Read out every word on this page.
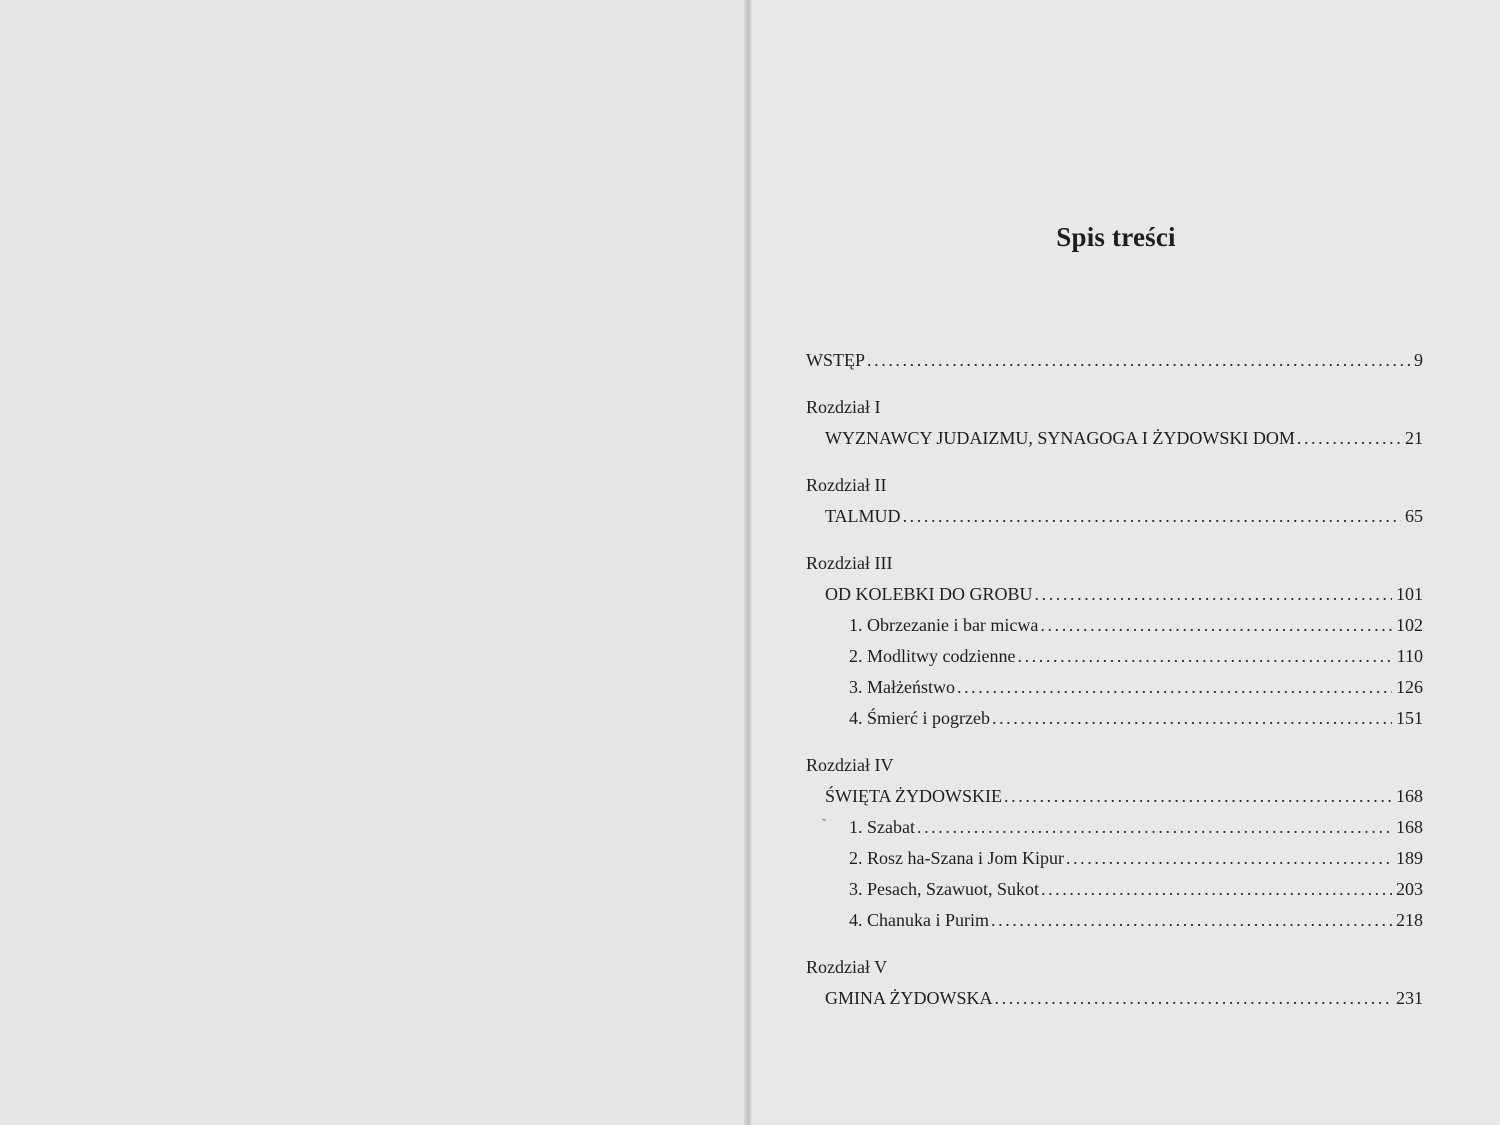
Spis treści
WSTĘP .....	9
Rozdział I
WYZNAWCY JUDAIZMU, SYNAGOGA I ŻYDOWSKI DOM .....	21
Rozdział II
TALMUD .....	65
Rozdział III
OD KOLEBKI DO GROBU .....	101
1. Obrzezanie i bar micwa .....	102
2. Modlitwy codzienne .....	110
3. Małżeństwo .....	126
4. Śmierć i pogrzeb .....	151
Rozdział IV
ŚWIĘTA ŻYDOWSKIE .....	168
1. Szabat .....	168
2. Rosz ha-Szana i Jom Kipur .....	189
3. Pesach, Szawuot, Sukot .....	203
4. Chanuka i Purim .....	218
Rozdział V
GMINA ŻYDOWSKA .....	231
˜
